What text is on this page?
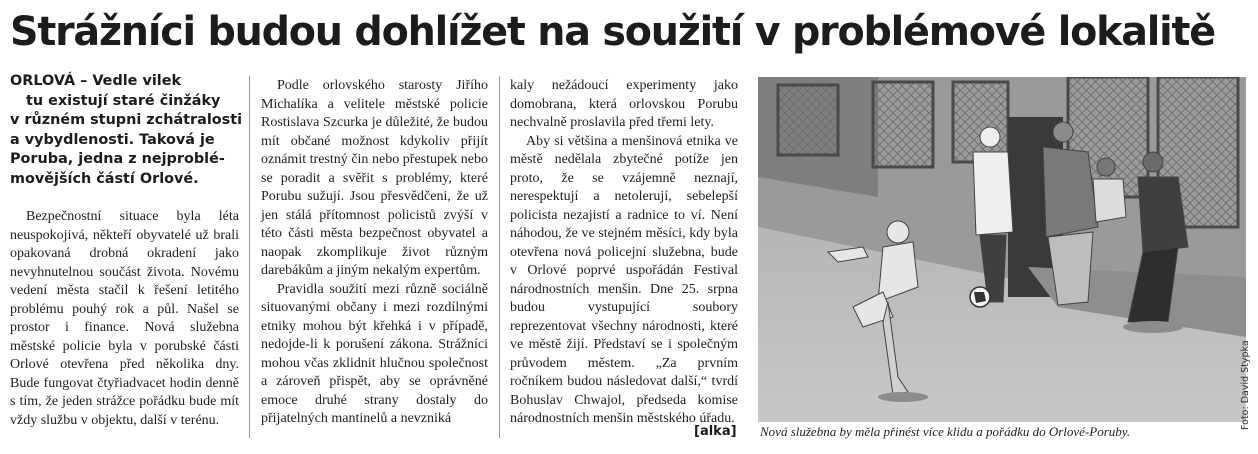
Strážníci budou dohlížet na soužití v problémové lokalitě
ORLOVÁ – Vedle vilek
tu existují staré činžáky
v různém stupni zchátralosti
a vybydlenosti. Taková je
Poruba, jedna z nejproblé-
movějších částí Orlové.

Bezpečnostní situace byla léta neuspokojivá, někteří obyvatelé už brali opakovaná drobná okradení jako nevyhnutelnou součást života. Novému vedení města stačil k řešení letitého problému pouhý rok a půl. Našel se prostor i finance. Nová služebna městské policie byla v porubské části Orlové otevřena před několika dny. Bude fungovat čtyřiadvacet hodin denně s tím, že jeden strážce pořádku bude mít vždy službu v objektu, další v terénu.

Podle orlovského starosty Jiřího Michalíka a velitele městské policie Rostislava Szcurka je důležité, že budou mít občané možnost kdykoliv přijít oznámit trestný čin nebo přestupek nebo se poradit a svěřit s problémy, které Porubu sužují. Jsou přesvědčeni, že už jen stálá přítomnost policistů zvýší v této části města bezpečnost obyvatel a naopak zkomplikuje život různým darebákům a jiným nekalým expertům.

Pravidla soužití mezi různě sociálně situovanými občany i mezi rozdílnými etniky mohou být křehká i v případě, nedojde-li k porušení zákona. Strážníci mohou včas zklidnit hlučnou společnost a zároveň přispět, aby se oprávněné emoce druhé strany dostaly do přijatelných mantinelů a nevzniká

kaly nežádoucí experimenty jako domobrana, která orlovskou Porubu nechvalně proslavila před třemi lety.

Aby si většina a menšinová etnika ve městě nedělala zbytečné potíže jen proto, že se vzájemně neznají, nerespektují a netolerují, sebelepší policista nezajistí a radnice to ví. Není náhodou, že ve stejném měsíci, kdy byla otevřena nová policejní služebna, bude v Orlové poprvé uspořádán Festival národnostních menšin. Dne 25. srpna budou vystupující soubory reprezentovat všechny národnosti, které ve městě žijí. Představí se i společným průvodem městem. „Za prvním ročníkem budou následovat další,“ tvrdí Bohuslav Chwajol, předseda komise národnostních menšin městského úřadu.

[alka]
Foto: David Stypka
Nová služebna by měla přinést více klidu a pořádku do Orlové-Poruby.
